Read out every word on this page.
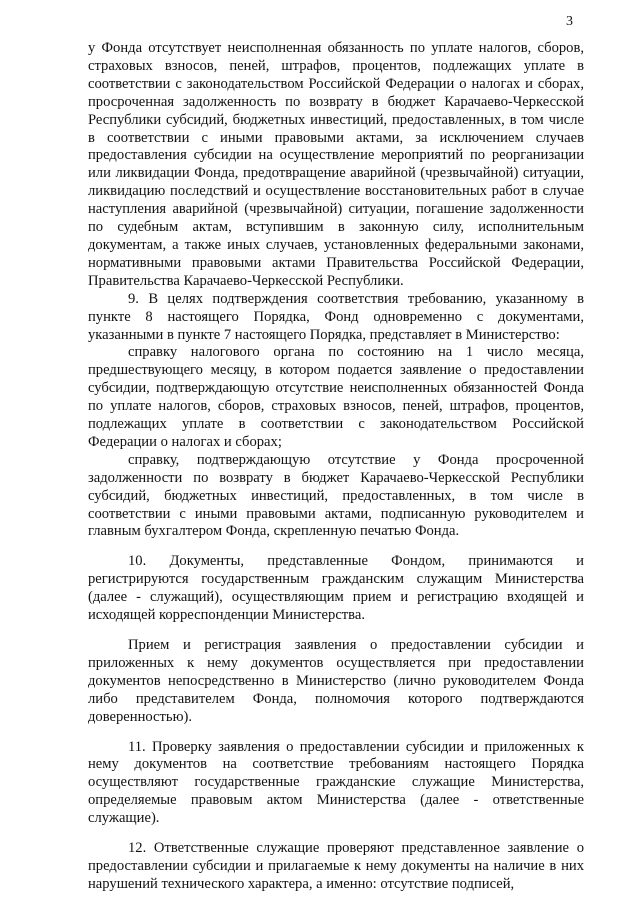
3

у Фонда отсутствует неисполненная обязанность по уплате налогов, сборов, страховых взносов, пеней, штрафов, процентов, подлежащих уплате в соответствии с законодательством Российской Федерации о налогах и сборах, просроченная задолженность по возврату в бюджет Карачаево-Черкесской Республики субсидий, бюджетных инвестиций, предоставленных, в том числе в соответствии с иными правовыми актами, за исключением случаев предоставления субсидии на осуществление мероприятий по реорганизации или ликвидации Фонда, предотвращение аварийной (чрезвычайной) ситуации, ликвидацию последствий и осуществление восстановительных работ в случае наступления аварийной (чрезвычайной) ситуации, погашение задолженности по судебным актам, вступившим в законную силу, исполнительным документам, а также иных случаев, установленных федеральными законами, нормативными правовыми актами Правительства Российской Федерации, Правительства Карачаево-Черкесской Республики.

9. В целях подтверждения соответствия требованию, указанному в пункте 8 настоящего Порядка, Фонд одновременно с документами, указанными в пункте 7 настоящего Порядка, представляет в Министерство:

справку налогового органа по состоянию на 1 число месяца, предшествующего месяцу, в котором подается заявление о предоставлении субсидии, подтверждающую отсутствие неисполненных обязанностей Фонда по уплате налогов, сборов, страховых взносов, пеней, штрафов, процентов, подлежащих уплате в соответствии с законодательством Российской Федерации о налогах и сборах;

справку, подтверждающую отсутствие у Фонда просроченной задолженности по возврату в бюджет Карачаево-Черкесской Республики субсидий, бюджетных инвестиций, предоставленных, в том числе в соответствии с иными правовыми актами, подписанную руководителем и главным бухгалтером Фонда, скрепленную печатью Фонда.

10. Документы, представленные Фондом, принимаются и регистрируются государственным гражданским служащим Министерства (далее - служащий), осуществляющим прием и регистрацию входящей и исходящей корреспонденции Министерства.

Прием и регистрация заявления о предоставлении субсидии и приложенных к нему документов осуществляется при предоставлении документов непосредственно в Министерство (лично руководителем Фонда либо представителем Фонда, полномочия которого подтверждаются доверенностью).

11. Проверку заявления о предоставлении субсидии и приложенных к нему документов на соответствие требованиям настоящего Порядка осуществляют государственные гражданские служащие Министерства, определяемые правовым актом Министерства (далее - ответственные служащие).

12. Ответственные служащие проверяют представленное заявление о предоставлении субсидии и прилагаемые к нему документы на наличие в них нарушений технического характера, а именно: отсутствие подписей,
